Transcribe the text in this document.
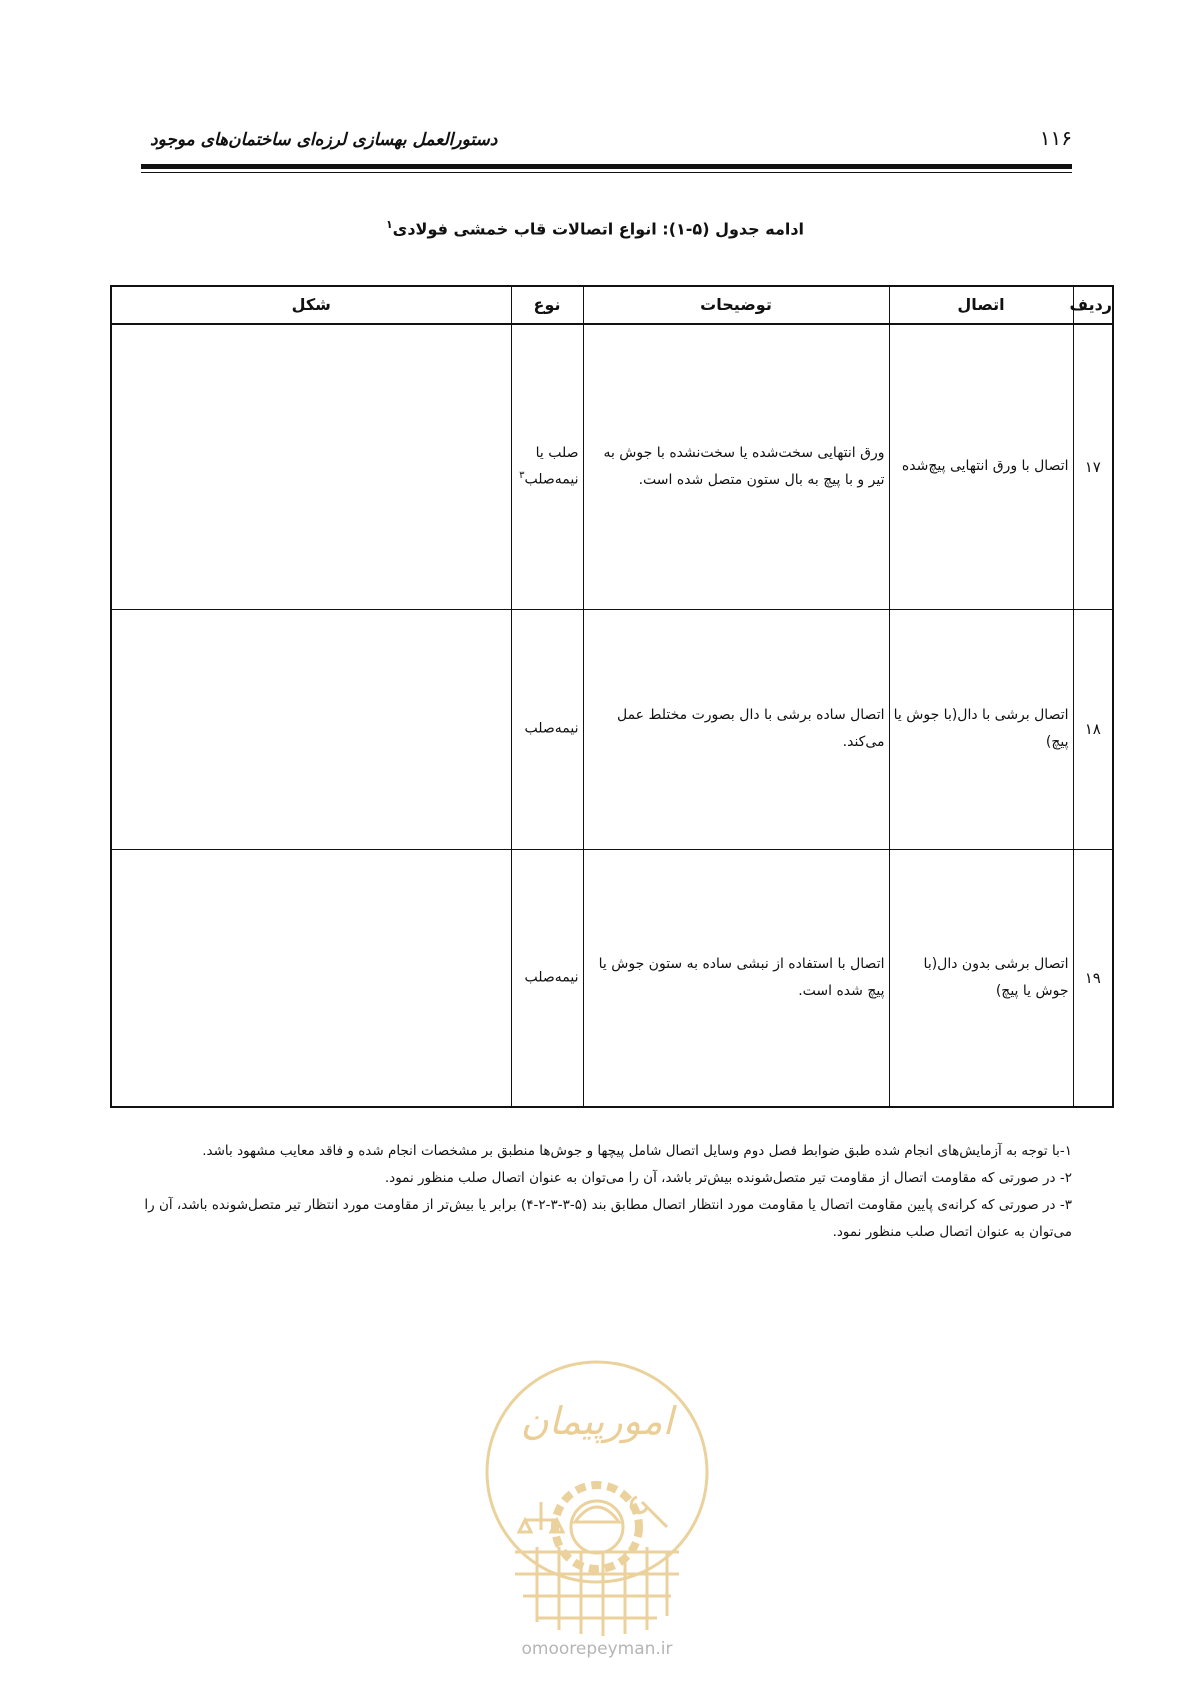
۱۱۶
دستورالعمل بهسازی لرزه‌ای ساختمان‌های موجود
ادامه جدول (۵-۱): انواع اتصالات قاب خمشی فولادی$^۱$
ردیف	اتصال	توضیحات	نوع	شکل
۱۷	اتصال با ورق انتهایی پیچ‌شده	ورق انتهایی سخت‌شده یا سخت‌نشده با جوش به تیر و با پیچ به بال ستون متصل شده است.	صلب یا نیمه‌صلب$^۳$	
۱۸	اتصال برشی با دال(با جوش یا پیچ)	اتصال ساده برشی با دال بصورت مختلط عمل می‌کند.	نیمه‌صلب	
۱۹	اتصال برشی بدون دال(با جوش یا پیچ)	اتصال با استفاده از نبشی ساده به ستون جوش یا پیچ شده است.	نیمه‌صلب	

۱-با توجه به آزمایش‌های انجام شده طبق ضوابط فصل دوم وسایل اتصال شامل پیچها و جوش‌ها منطبق بر مشخصات انجام شده و فاقد معایب مشهود باشد.

۲- در صورتی که مقاومت اتصال از مقاومت تیر متصل‌شونده بیش‌تر باشد، آن را می‌توان به عنوان اتصال صلب منظور نمود.

۳- در صورتی که کرانه‌ی پایین مقاومت اتصال یا مقاومت مورد انتظار اتصال مطابق بند (۵-۳-۳-۲-۴) برابر یا بیش‌تر از مقاومت مورد انتظار تیر متصل‌شونده باشد، آن را می‌توان به عنوان اتصال صلب منظور نمود.

امورپیمان
omoorepeyman.ir
